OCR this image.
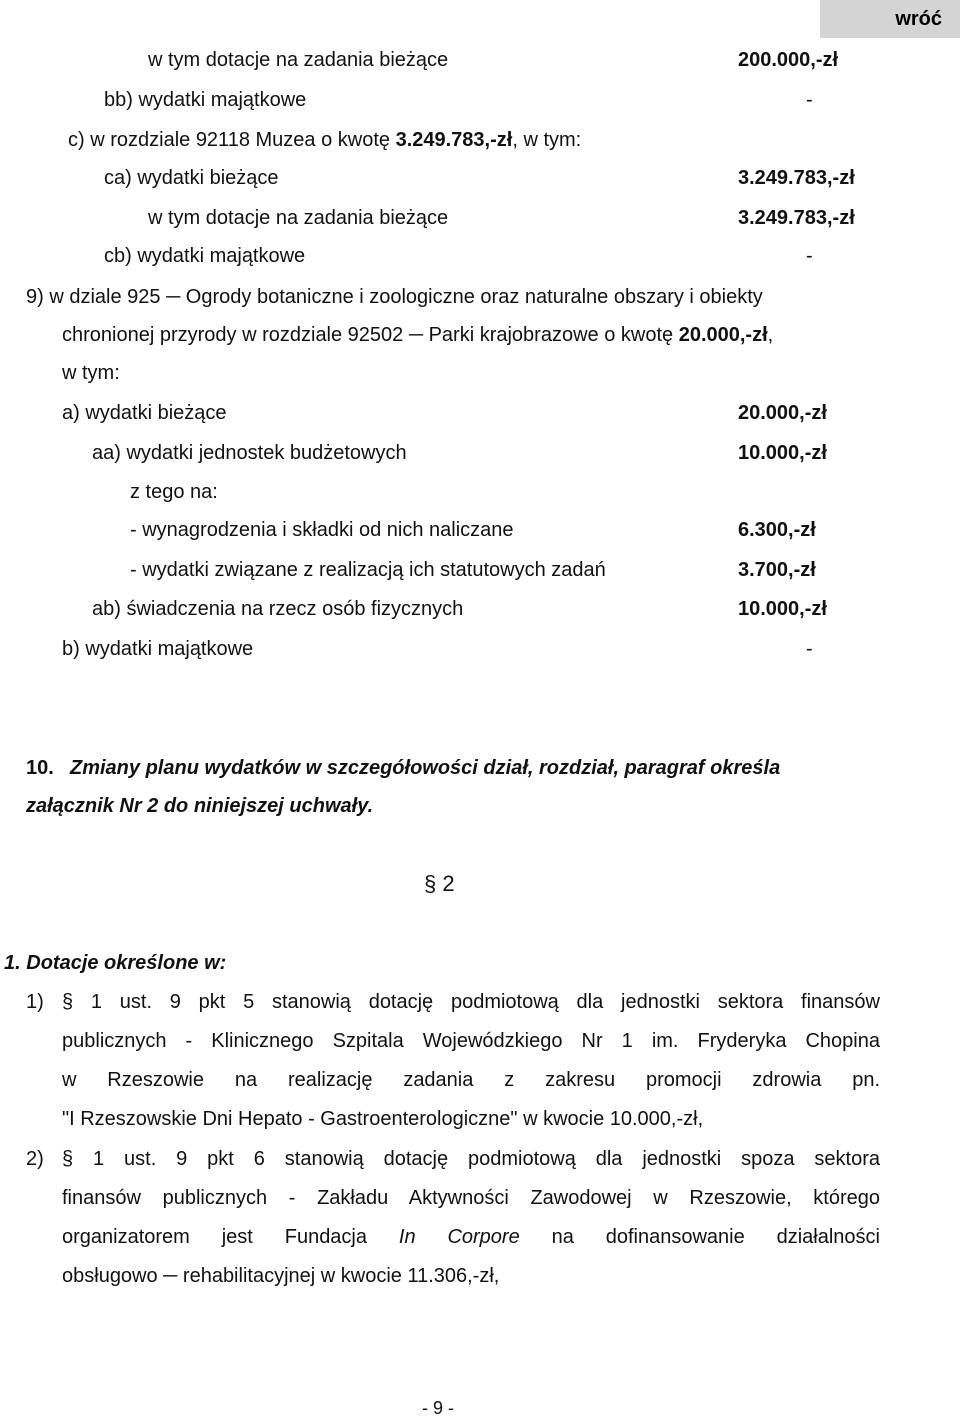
wróć
w tym dotacje na zadania bieżące	200.000,-zł
bb) wydatki majątkowe	-
c) w rozdziale 92118 Muzea o kwotę 3.249.783,-zł, w tym:
ca) wydatki bieżące	3.249.783,-zł
w tym dotacje na zadania bieżące	3.249.783,-zł
cb) wydatki majątkowe	-
9) w dziale 925 ─ Ogrody botaniczne i zoologiczne oraz naturalne obszary i obiekty
chronionej przyrody w rozdziale 92502 ─ Parki krajobrazowe o kwotę 20.000,-zł,
w tym:
a) wydatki bieżące	20.000,-zł
aa) wydatki jednostek budżetowych	10.000,-zł
z tego na:
- wynagrodzenia i składki od nich naliczane	6.300,-zł
- wydatki związane z realizacją ich statutowych zadań	3.700,-zł
ab) świadczenia na rzecz osób fizycznych	10.000,-zł
b) wydatki majątkowe	-
10. Zmiany planu wydatków w szczegółowości dział, rozdział, paragraf określa
załącznik Nr 2 do niniejszej uchwały.
§ 2
1. Dotacje określone w:
1) § 1 ust. 9 pkt 5 stanowią dotację podmiotową dla jednostki sektora finansów
publicznych - Klinicznego Szpitala Wojewódzkiego Nr 1 im. Fryderyka Chopina
w Rzeszowie na realizację zadania z zakresu promocji zdrowia pn.
"I Rzeszowskie Dni Hepato - Gastroenterologiczne" w kwocie 10.000,-zł,
2) § 1 ust. 9 pkt 6 stanowią dotację podmiotową dla jednostki spoza sektora
finansów publicznych - Zakładu Aktywności Zawodowej w Rzeszowie, którego
organizatorem jest Fundacja In Corpore na dofinansowanie działalności
obsługowo ─ rehabilitacyjnej w kwocie 11.306,-zł,
- 9 -
